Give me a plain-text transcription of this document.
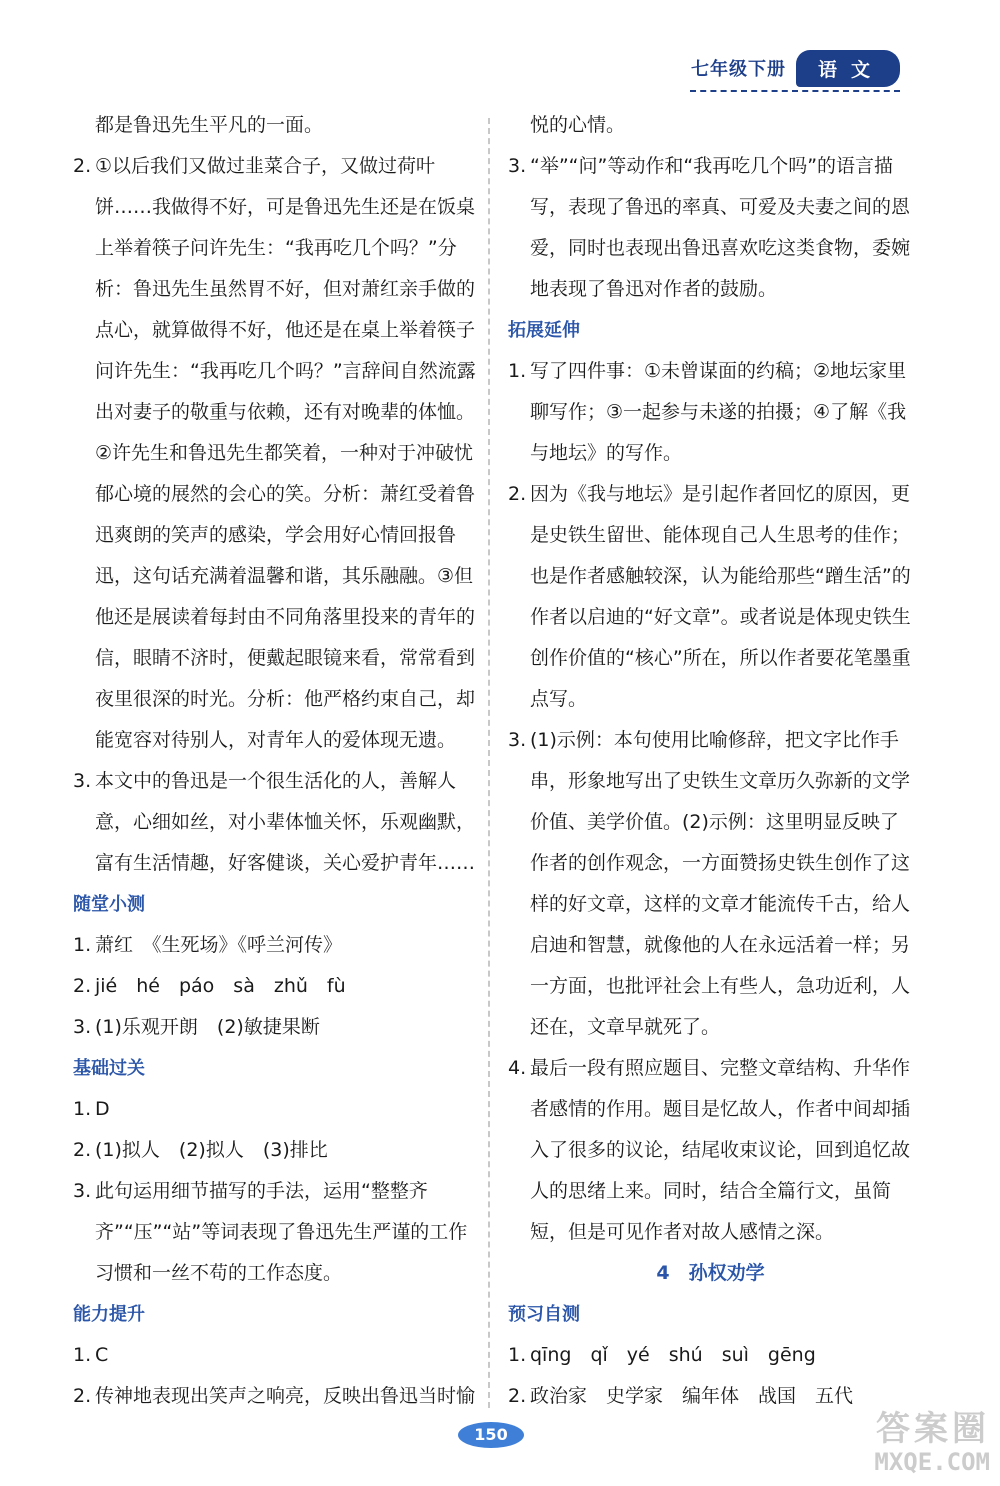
七年级下册	语文

都是鲁迅先生平凡的一面。

2. ①以后我们又做过韭菜合子，又做过荷叶饼……我做得不好，可是鲁迅先生还是在饭桌上举着筷子问许先生：“我再吃几个吗？”分析：鲁迅先生虽然胃不好，但对萧红亲手做的点心，就算做得不好，他还是在桌上举着筷子问许先生：“我再吃几个吗？”言辞间自然流露出对妻子的敬重与依赖，还有对晚辈的体恤。②许先生和鲁迅先生都笑着，一种对于冲破忧郁心境的展然的会心的笑。分析：萧红受着鲁迅爽朗的笑声的感染，学会用好心情回报鲁迅，这句话充满着温馨和谐，其乐融融。③但他还是展读着每封由不同角落里投来的青年的信，眼睛不济时，便戴起眼镜来看，常常看到夜里很深的时光。分析：他严格约束自己，却能宽容对待别人，对青年人的爱体现无遗。
3. 本文中的鲁迅是一个很生活化的人，善解人意，心细如丝，对小辈体恤关怀，乐观幽默，富有生活情趣，好客健谈，关心爱护青年……

随堂小测

1. 萧红　《生死场》《呼兰河传》
2. jié　hé　páo　sà　zhǔ　fù
3. (1)乐观开朗　(2)敏捷果断

基础过关

1. D
2. (1)拟人　(2)拟人　(3)排比
3. 此句运用细节描写的手法，运用“整整齐齐”“压”“站”等词表现了鲁迅先生严谨的工作习惯和一丝不苟的工作态度。

能力提升

1. C
2. 传神地表现出笑声之响亮，反映出鲁迅当时愉

悦的心情。

3. “举”“问”等动作和“我再吃几个吗”的语言描写，表现了鲁迅的率真、可爱及夫妻之间的恩爱，同时也表现出鲁迅喜欢吃这类食物，委婉地表现了鲁迅对作者的鼓励。

拓展延伸

1. 写了四件事：①未曾谋面的约稿；②地坛家里聊写作；③一起参与未遂的拍摄；④了解《我与地坛》的写作。
2. 因为《我与地坛》是引起作者回忆的原因，更是史铁生留世、能体现自己人生思考的佳作；也是作者感触较深，认为能给那些“蹭生活”的作者以启迪的“好文章”。或者说是体现史铁生创作价值的“核心”所在，所以作者要花笔墨重点写。
3. (1)示例：本句使用比喻修辞，把文字比作手串，形象地写出了史铁生文章历久弥新的文学价值、美学价值。(2)示例：这里明显反映了作者的创作观念，一方面赞扬史铁生创作了这样的好文章，这样的文章才能流传千古，给人启迪和智慧，就像他的人在永远活着一样；另一方面，也批评社会上有些人，急功近利，人还在，文章早就死了。
4. 最后一段有照应题目、完整文章结构、升华作者感情的作用。题目是忆故人，作者中间却插入了很多的议论，结尾收束议论，回到追忆故人的思绪上来。同时，结合全篇行文，虽简短，但是可见作者对故人感情之深。

4　孙权劝学

预习自测

1. qīng　qǐ　yé　shú　suì　gēng
2. 政治家　史学家　编年体　战国　五代
150	答案圈
MXQE.COM
